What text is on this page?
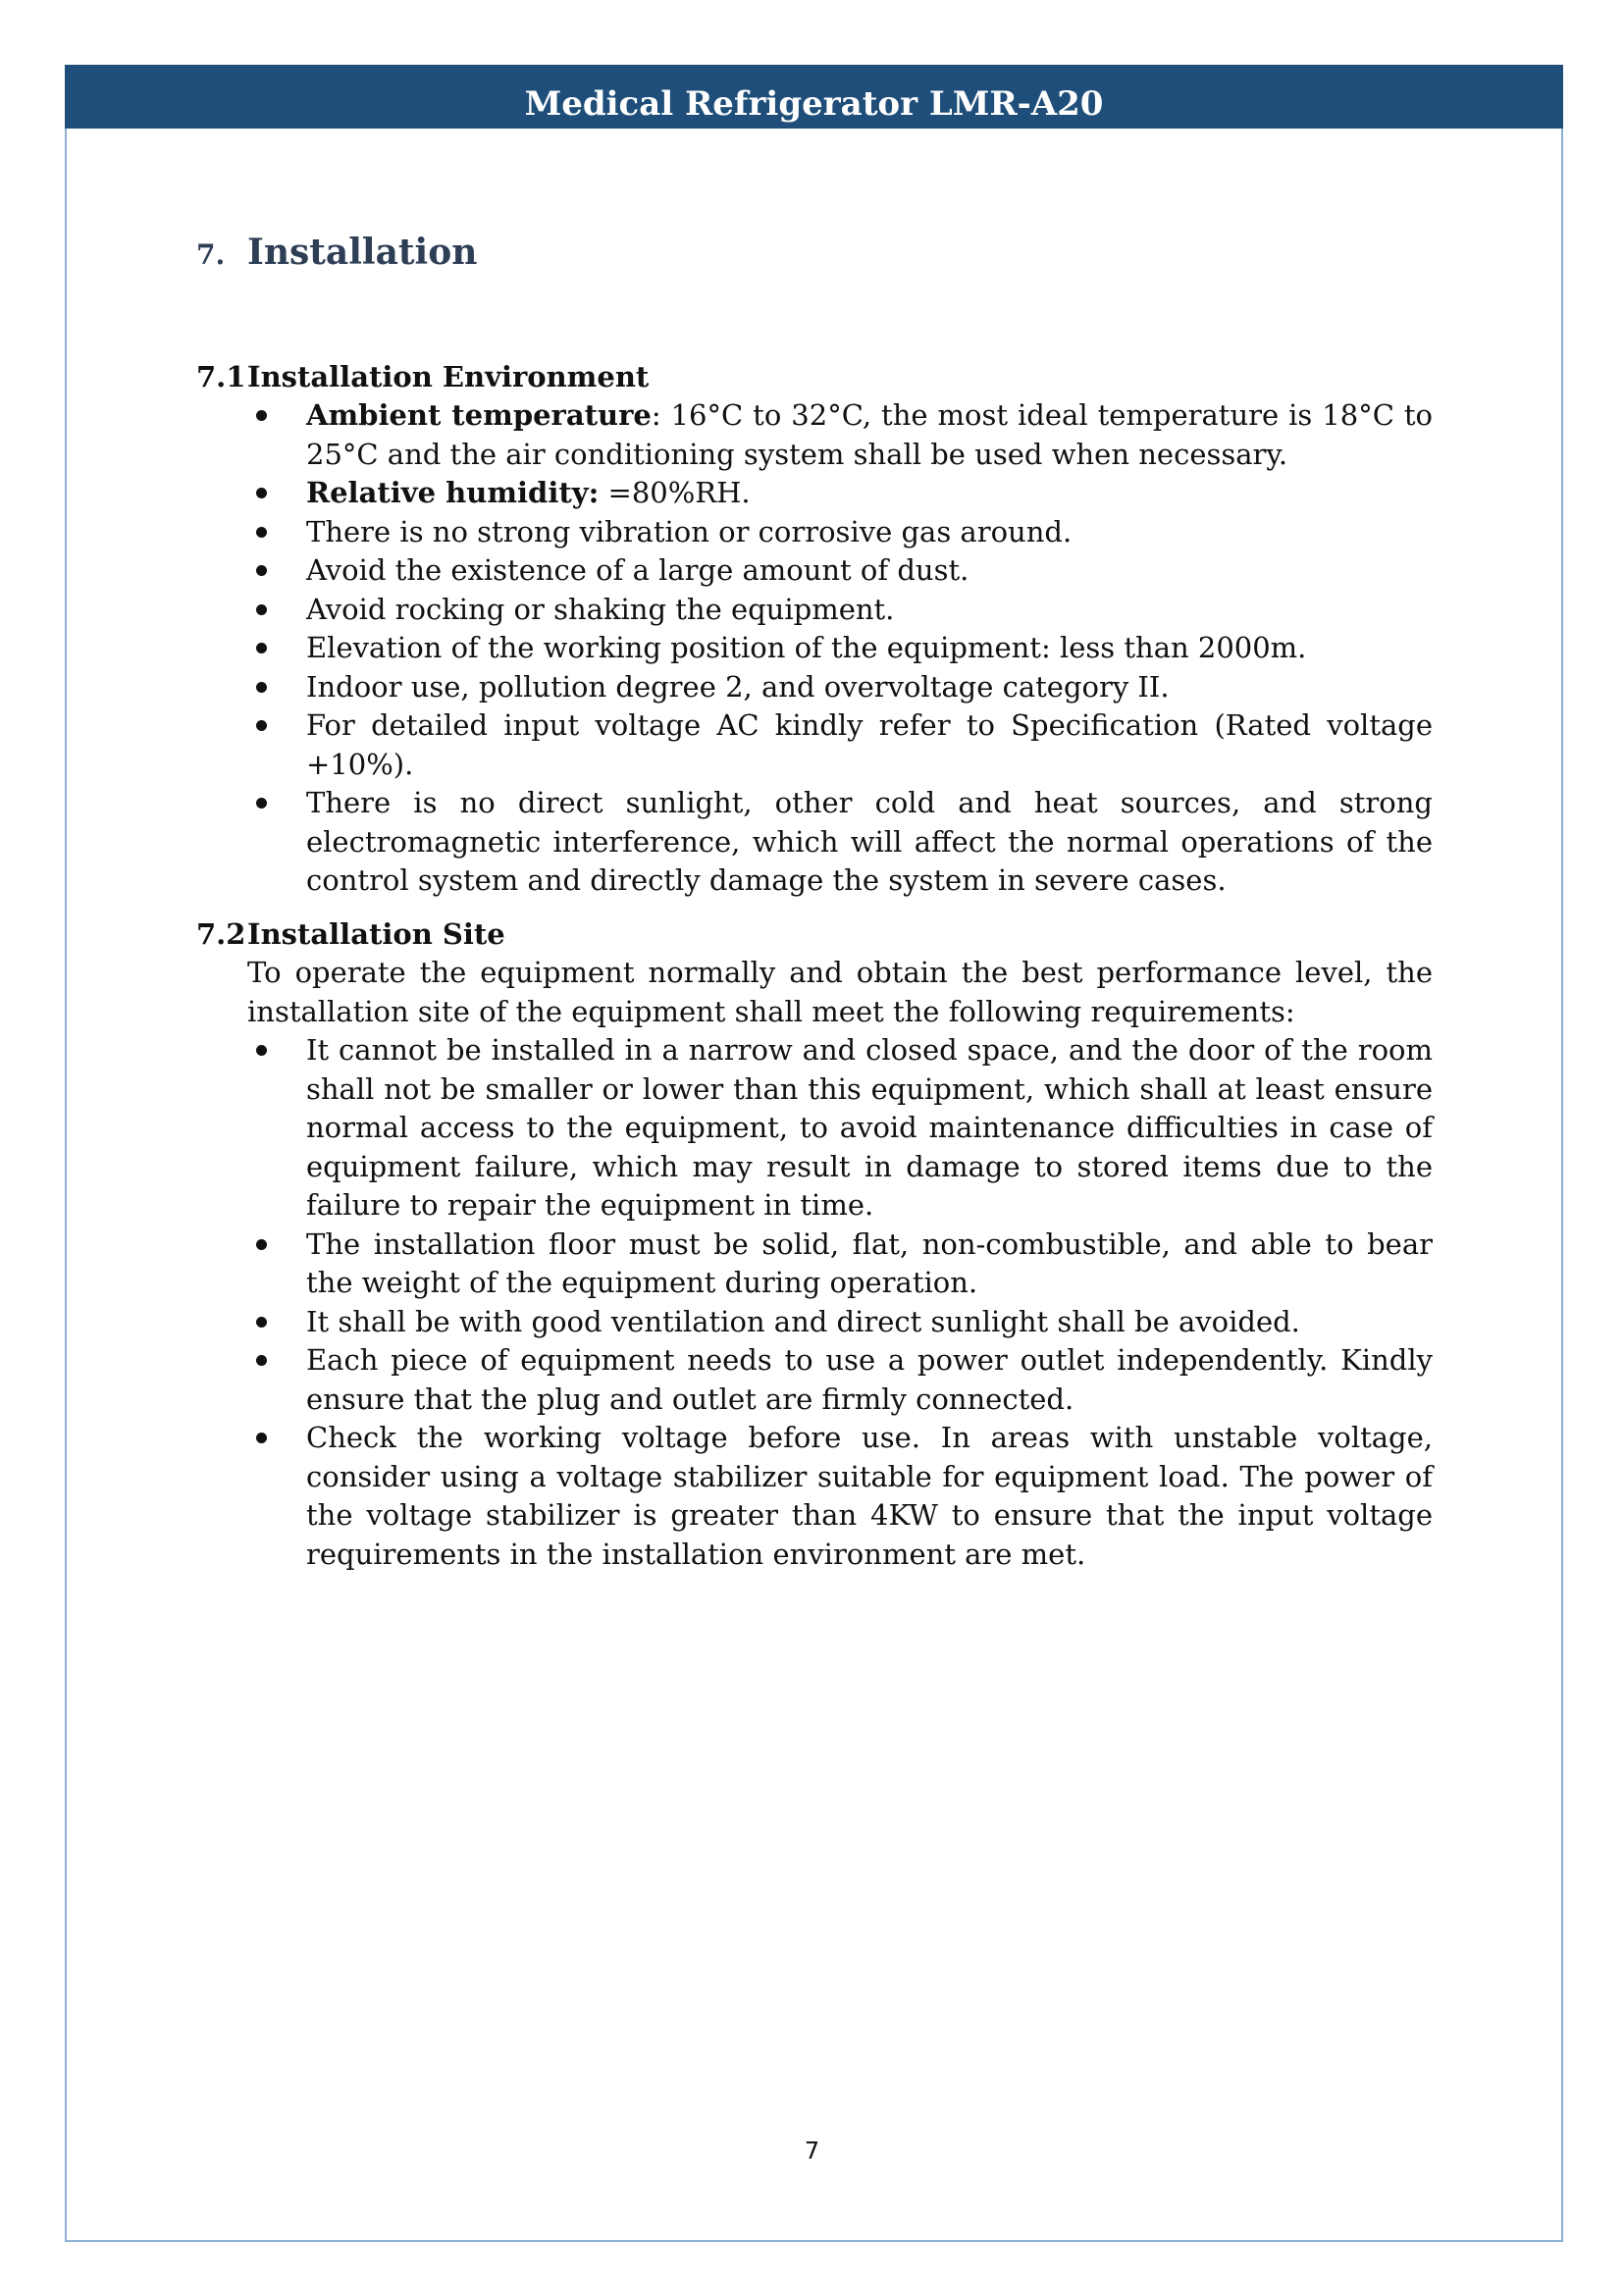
Medical Refrigerator LMR-A20
7. Installation
7.1Installation Environment
Ambient temperature: 16°C to 32°C, the most ideal temperature is 18°C to 25°C and the air conditioning system shall be used when necessary.
Relative humidity: =80%RH.
There is no strong vibration or corrosive gas around.
Avoid the existence of a large amount of dust.
Avoid rocking or shaking the equipment.
Elevation of the working position of the equipment: less than 2000m.
Indoor use, pollution degree 2, and overvoltage category II.
For detailed input voltage AC kindly refer to Specification (Rated voltage +10%).
There is no direct sunlight, other cold and heat sources, and strong electromagnetic interference, which will affect the normal operations of the control system and directly damage the system in severe cases.
7.2Installation Site

To operate the equipment normally and obtain the best performance level, the installation site of the equipment shall meet the following requirements:

It cannot be installed in a narrow and closed space, and the door of the room shall not be smaller or lower than this equipment, which shall at least ensure normal access to the equipment, to avoid maintenance difficulties in case of equipment failure, which may result in damage to stored items due to the failure to repair the equipment in time.
The installation floor must be solid, flat, non-combustible, and able to bear the weight of the equipment during operation.
It shall be with good ventilation and direct sunlight shall be avoided.
Each piece of equipment needs to use a power outlet independently. Kindly ensure that the plug and outlet are firmly connected.
Check the working voltage before use. In areas with unstable voltage, consider using a voltage stabilizer suitable for equipment load. The power of the voltage stabilizer is greater than 4KW to ensure that the input voltage requirements in the installation environment are met.
7
